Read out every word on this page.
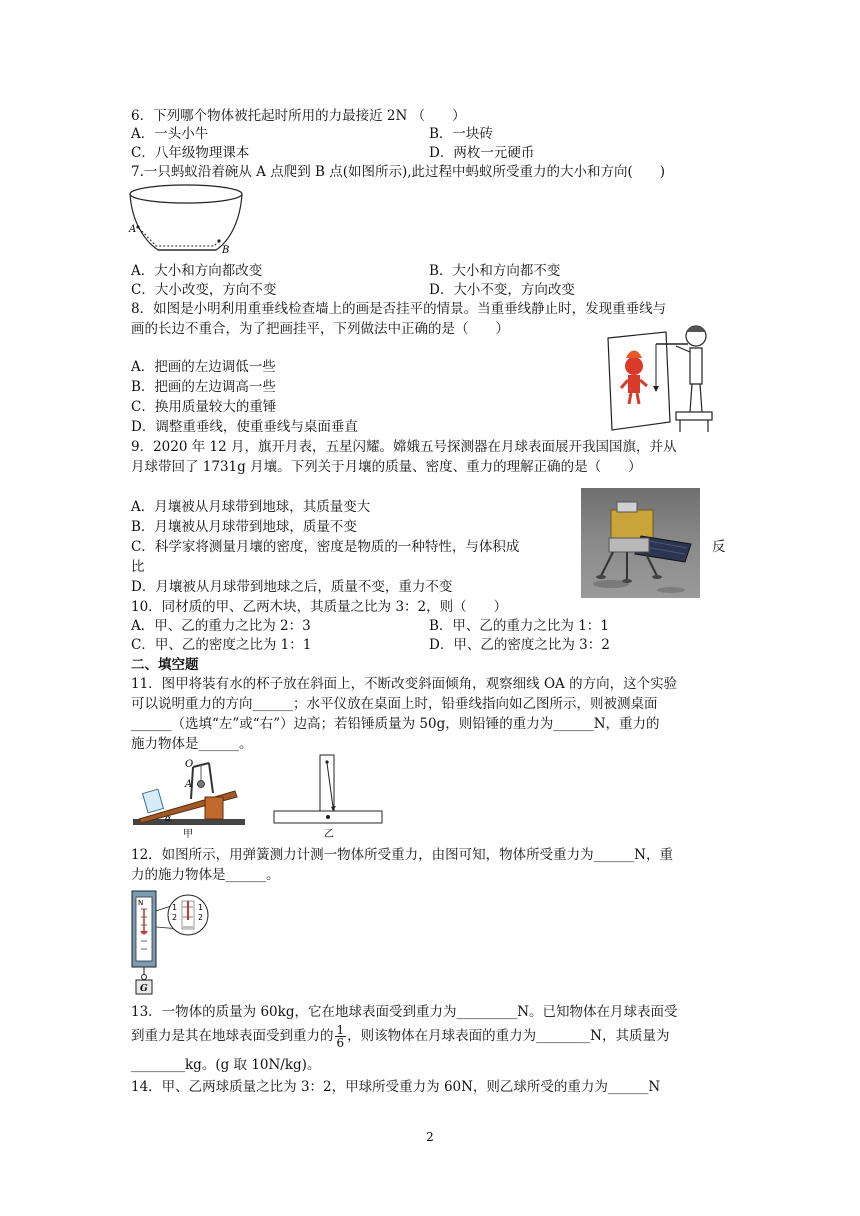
6．下列哪个物体被托起时所用的力最接近 2N （　　）
A．一头小牛	B．一块砖
C．八年级物理课本	D．两枚一元硬币
7.一只蚂蚁沿着碗从 A 点爬到 B 点(如图所示),此过程中蚂蚁所受重力的大小和方向(　　)
A
B
A．大小和方向都改变	B．大小和方向都不变
C．大小改变，方向不变	D．大小不变，方向改变
8．如图是小明利用重垂线检查墙上的画是否挂平的情景。当重垂线静止时，发现重垂线与
画的长边不重合，为了把画挂平，下列做法中正确的是（　　）
A．把画的左边调低一些
B．把画的左边调高一些
C．换用质量较大的重锤
D．调整重垂线，使重垂线与桌面垂直
9．2020 年 12 月，旗开月表，五星闪耀。嫦娥五号探测器在月球表面展开我国国旗，并从
月球带回了 1731g 月壤。下列关于月壤的质量、密度、重力的理解正确的是（　　）
A．月壤被从月球带到地球，其质量变大
B．月壤被从月球带到地球，质量不变
C．科学家将测量月壤的密度，密度是物质的一种特性，与体积成	反
比
D．月壤被从月球带到地球之后，质量不变，重力不变
10．同材质的甲、乙两木块，其质量之比为 3：2，则（　　）
A．甲、乙的重力之比为 2：3	B．甲、乙的重力之比为 1：1
C．甲、乙的密度之比为 1：1	D．甲、乙的密度之比为 3：2
二、填空题
11．图甲将装有水的杯子放在斜面上，不断改变斜面倾角，观察细线 OA 的方向，这个实验
可以说明重力的方向______；水平仪放在桌面上时，铅垂线指向如乙图所示，则被测桌面
______（选填“左”或“右”）边高；若铅锤质量为 50g，则铅锤的重力为______N，重力的
施力物体是______。
O
A
α
甲	乙
12．如图所示，用弹簧测力计测一物体所受重力，由图可知，物体所受重力为______N，重
力的施力物体是______。
N
G
1
2
1
2
13．一物体的质量为 60kg，它在地球表面受到重力为_________N。已知物体在月球表面受
到重力是其在地球表面受到重力的 $\frac{1}{6}$ ，则该物体在月球表面的重力为________N，其质量为
________kg。(g 取 10N/kg)。
14．甲、乙两球质量之比为 3：2，甲球所受重力为 60N，则乙球所受的重力为______N
2
